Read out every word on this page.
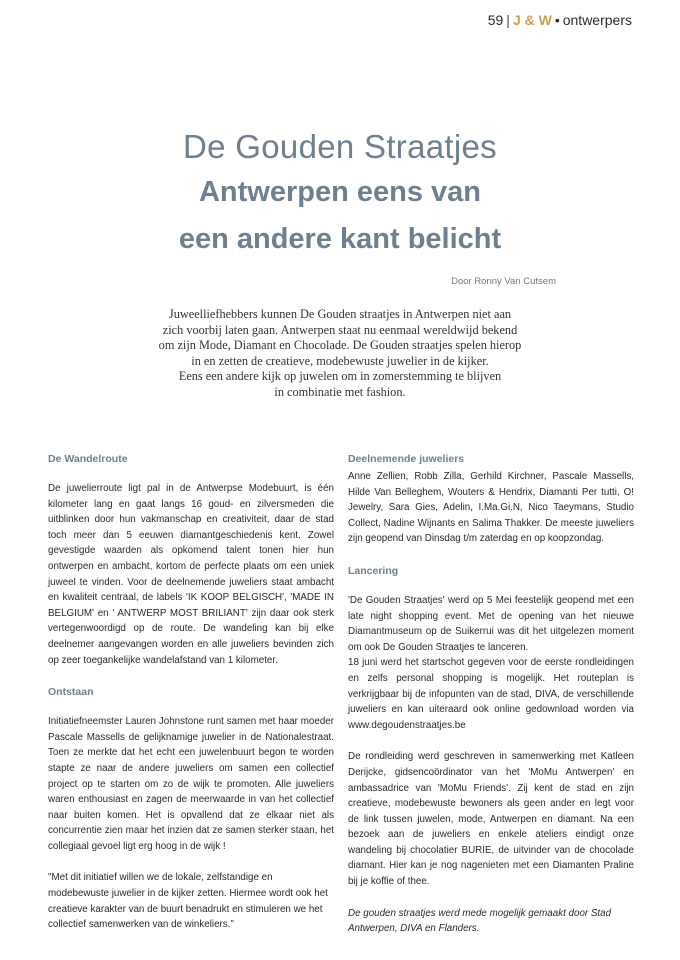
59 | J & W • ontwerpers
De Gouden Straatjes
Antwerpen eens van
een andere kant belicht
Door Ronny Van Cutsem

Juweelliefhebbers kunnen De Gouden straatjes in Antwerpen niet aan

zich voorbij laten gaan. Antwerpen staat nu eenmaal wereldwijd bekend

om zijn Mode, Diamant en Chocolade. De Gouden straatjes spelen hierop

in en zetten de creatieve, modebewuste juwelier in de kijker.

Eens een andere kijk op juwelen om in zomerstemming te blijven

in combinatie met fashion.

De Wandelroute

De juwelierroute ligt pal in de Antwerpse Modebuurt, is één kilometer lang en gaat langs 16 goud- en zilversmeden die uitblinken door hun vakmanschap en creativiteit, daar de stad toch meer dan 5 eeuwen diamantgeschiedenis kent. Zowel gevestigde waarden als opkomend talent tonen hier hun ontwerpen en ambacht, kortom de perfecte plaats om een uniek juweel te vinden. Voor de deelnemende juweliers staat ambacht en kwaliteit centraal, de labels 'IK KOOP BELGISCH', 'MADE IN BELGIUM' en ' ANTWERP MOST BRILIANT' zijn daar ook sterk vertegenwoordigd op de route. De wandeling kan bij elke deelnemer aangevangen worden en alle juweliers bevinden zich op zeer toegankelijke wandelafstand van 1 kilometer.

Ontstaan

Initiatiefneemster Lauren Johnstone runt samen met haar moeder Pascale Massells de gelijknamige juwelier in de Nationalestraat. Toen ze merkte dat het echt een juwelenbuurt begon te worden stapte ze naar de andere juweliers om samen een collectief project op te starten om zo de wijk te promoten. Alle juweliers waren enthousiast en zagen de meerwaarde in van het collectief naar buiten komen. Het is opvallend dat ze elkaar niet als concurrentie zien maar het inzien dat ze samen sterker staan, het collegiaal gevoel ligt erg hoog in de wijk !

"Met dit initiatief willen we de lokale, zelfstandige en modebewuste juwelier in de kijker zetten. Hiermee wordt ook het creatieve karakter van de buurt benadrukt en stimuleren we het collectief samenwerken van de winkeliers."

Deelnemende juweliers

Anne Zellien, Robb Zilla, Gerhild Kirchner, Pascale Massells, Hilde Van Belleghem, Wouters & Hendrix, Diamanti Per tutti, O! Jewelry, Sara Gies, Adelin, I.Ma.Gi.N, Nico Taeymans, Studio Collect, Nadine Wijnants en Salima Thakker. De meeste juweliers zijn geopend van Dinsdag t/m zaterdag en op koopzondag.

Lancering

'De Gouden Straatjes' werd op 5 Mei feestelijk geopend met een late night shopping event. Met de opening van het nieuwe Diamantmuseum op de Suikerrui was dit het uitgelezen moment om ook De Gouden Straatjes te lanceren.

18 juni werd het startschot gegeven voor de eerste rondleidingen en zelfs personal shopping is mogelijk. Het routeplan is verkrijgbaar bij de infopunten van de stad, DIVA, de verschillende juweliers en kan uiteraard ook online gedownload worden via www.degoudenstraatjes.be

De rondleiding werd geschreven in samenwerking met Katleen Derijcke, gidsencoördinator van het 'MoMu Antwerpen' en ambassadrice van 'MoMu Friends'. Zij kent de stad en zijn creatieve, modebewuste bewoners als geen ander en legt voor de link tussen juwelen, mode, Antwerpen en diamant. Na een bezoek aan de juweliers en enkele ateliers eindigt onze wandeling bij chocolatier BURIE, de uitvinder van de chocolade diamant. Hier kan je nog nagenieten met een Diamanten Praline bij je koffie of thee.

De gouden straatjes werd mede mogelijk gemaakt door Stad Antwerpen, DIVA en Flanders.
